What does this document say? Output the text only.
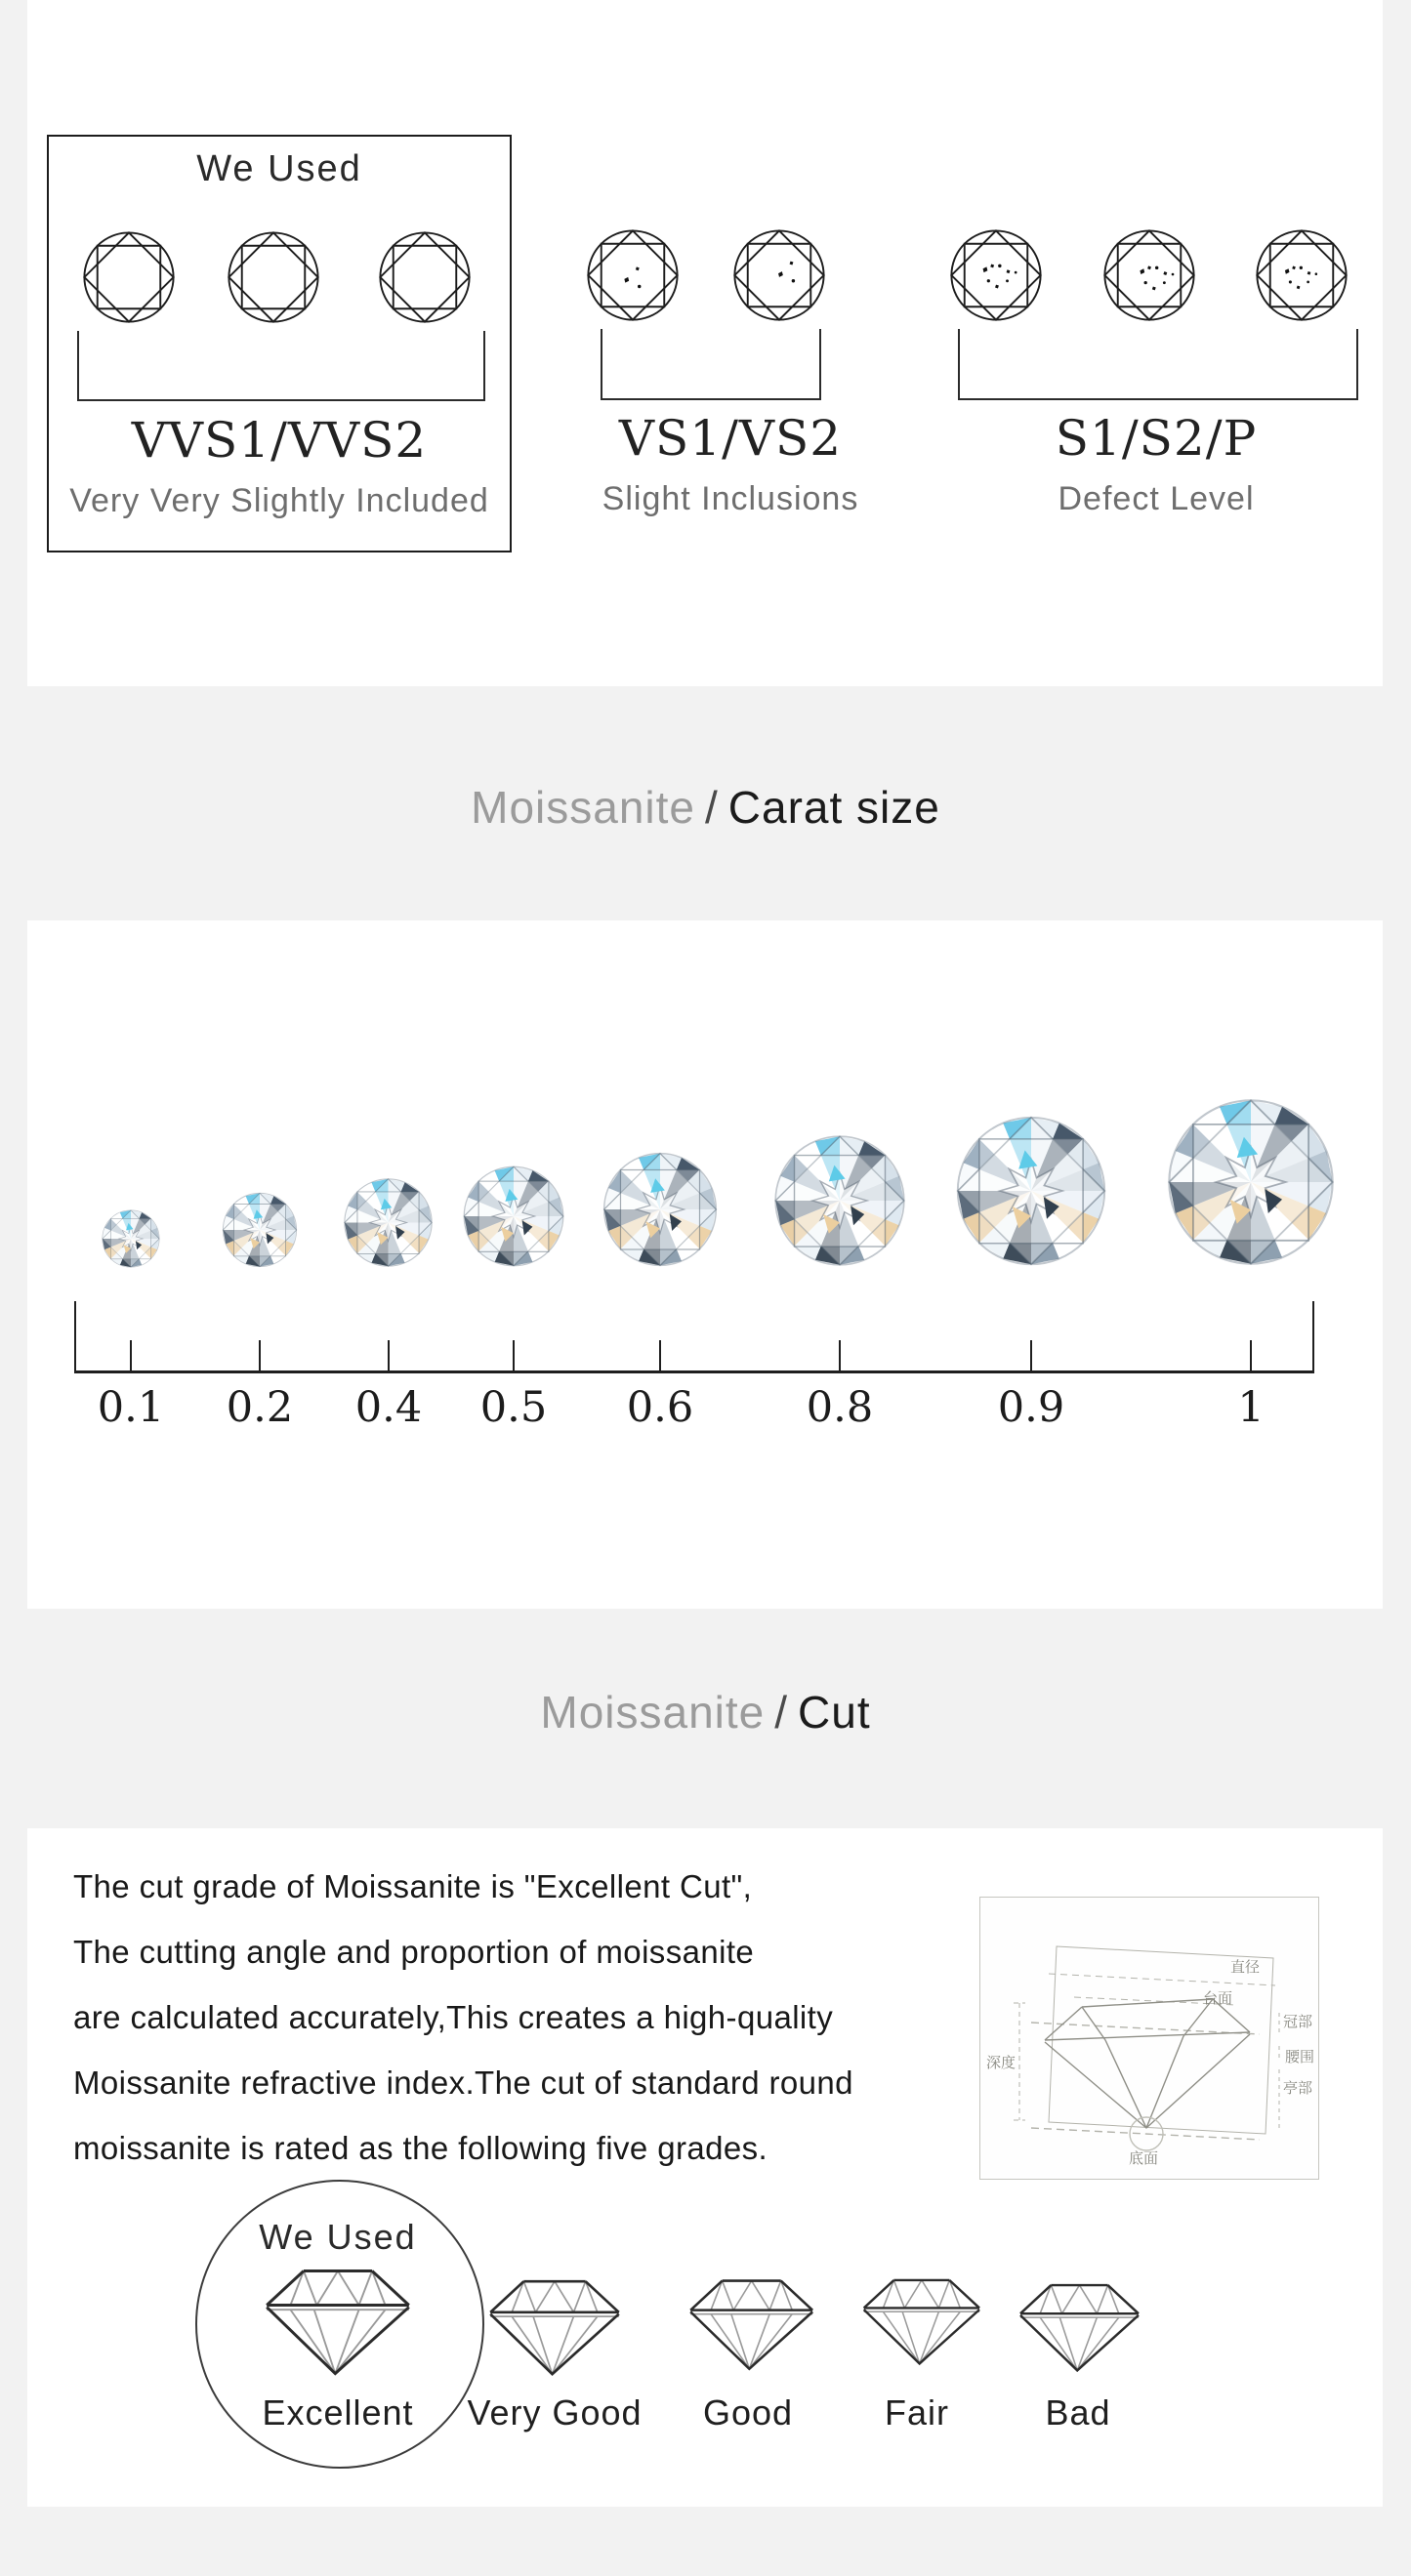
We Used
VVS1/VVS2
Very Very Slightly Included
VS1/VS2
Slight Inclusions
S1/S2/P
Defect Level
Moissanite / Carat size
0.1	0.2	0.4	0.5	0.6	0.8	0.9	1
Moissanite / Cut
The cut grade of Moissanite is "Excellent Cut",
The cutting angle and proportion of moissanite
are calculated accurately,This creates a high-quality
Moissanite refractive index.The cut of standard round
moissanite is rated as the following five grades.
直径
台面
深度
冠部
腰围
亭部
底面
We Used
Excellent	Very Good	Good	Fair	Bad
